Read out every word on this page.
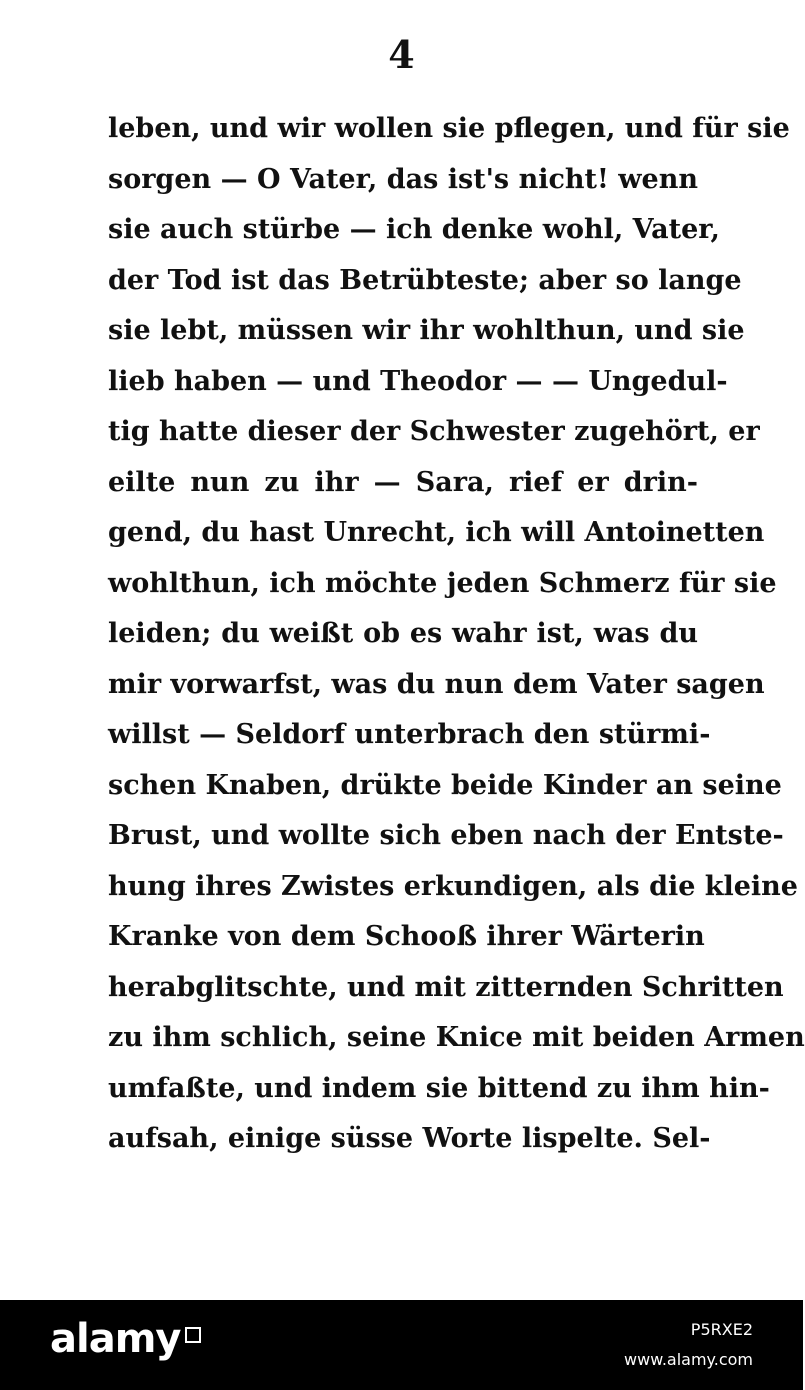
4
leben, und wir wollen sie pflegen, und für sie
sorgen — O Vater, das ist's nicht! wenn
sie auch stürbe — ich denke wohl, Vater,
der Tod ist das Betrübteste; aber so lange
sie lebt, müssen wir ihr wohlthun, und sie
lieb haben — und Theodor — — Ungedul-
tig hatte dieser der Schwester zugehört, er
eilte nun zu ihr — Sara, rief er drin-
gend, du hast Unrecht, ich will Antoinetten
wohlthun, ich möchte jeden Schmerz für sie
leiden; du weißt ob es wahr ist, was du
mir vorwarfst, was du nun dem Vater sagen
willst — Seldorf unterbrach den stürmi-
schen Knaben, drükte beide Kinder an seine
Brust, und wollte sich eben nach der Entste-
hung ihres Zwistes erkundigen, als die kleine
Kranke von dem Schooß ihrer Wärterin
herabglitschte, und mit zitternden Schritten
zu ihm schlich, seine Knice mit beiden Armen
umfaßte, und indem sie bittend zu ihm hin-
aufsah, einige süsse Worte lispelte. Sel-
alamy	P5RXE2
www.alamy.com
